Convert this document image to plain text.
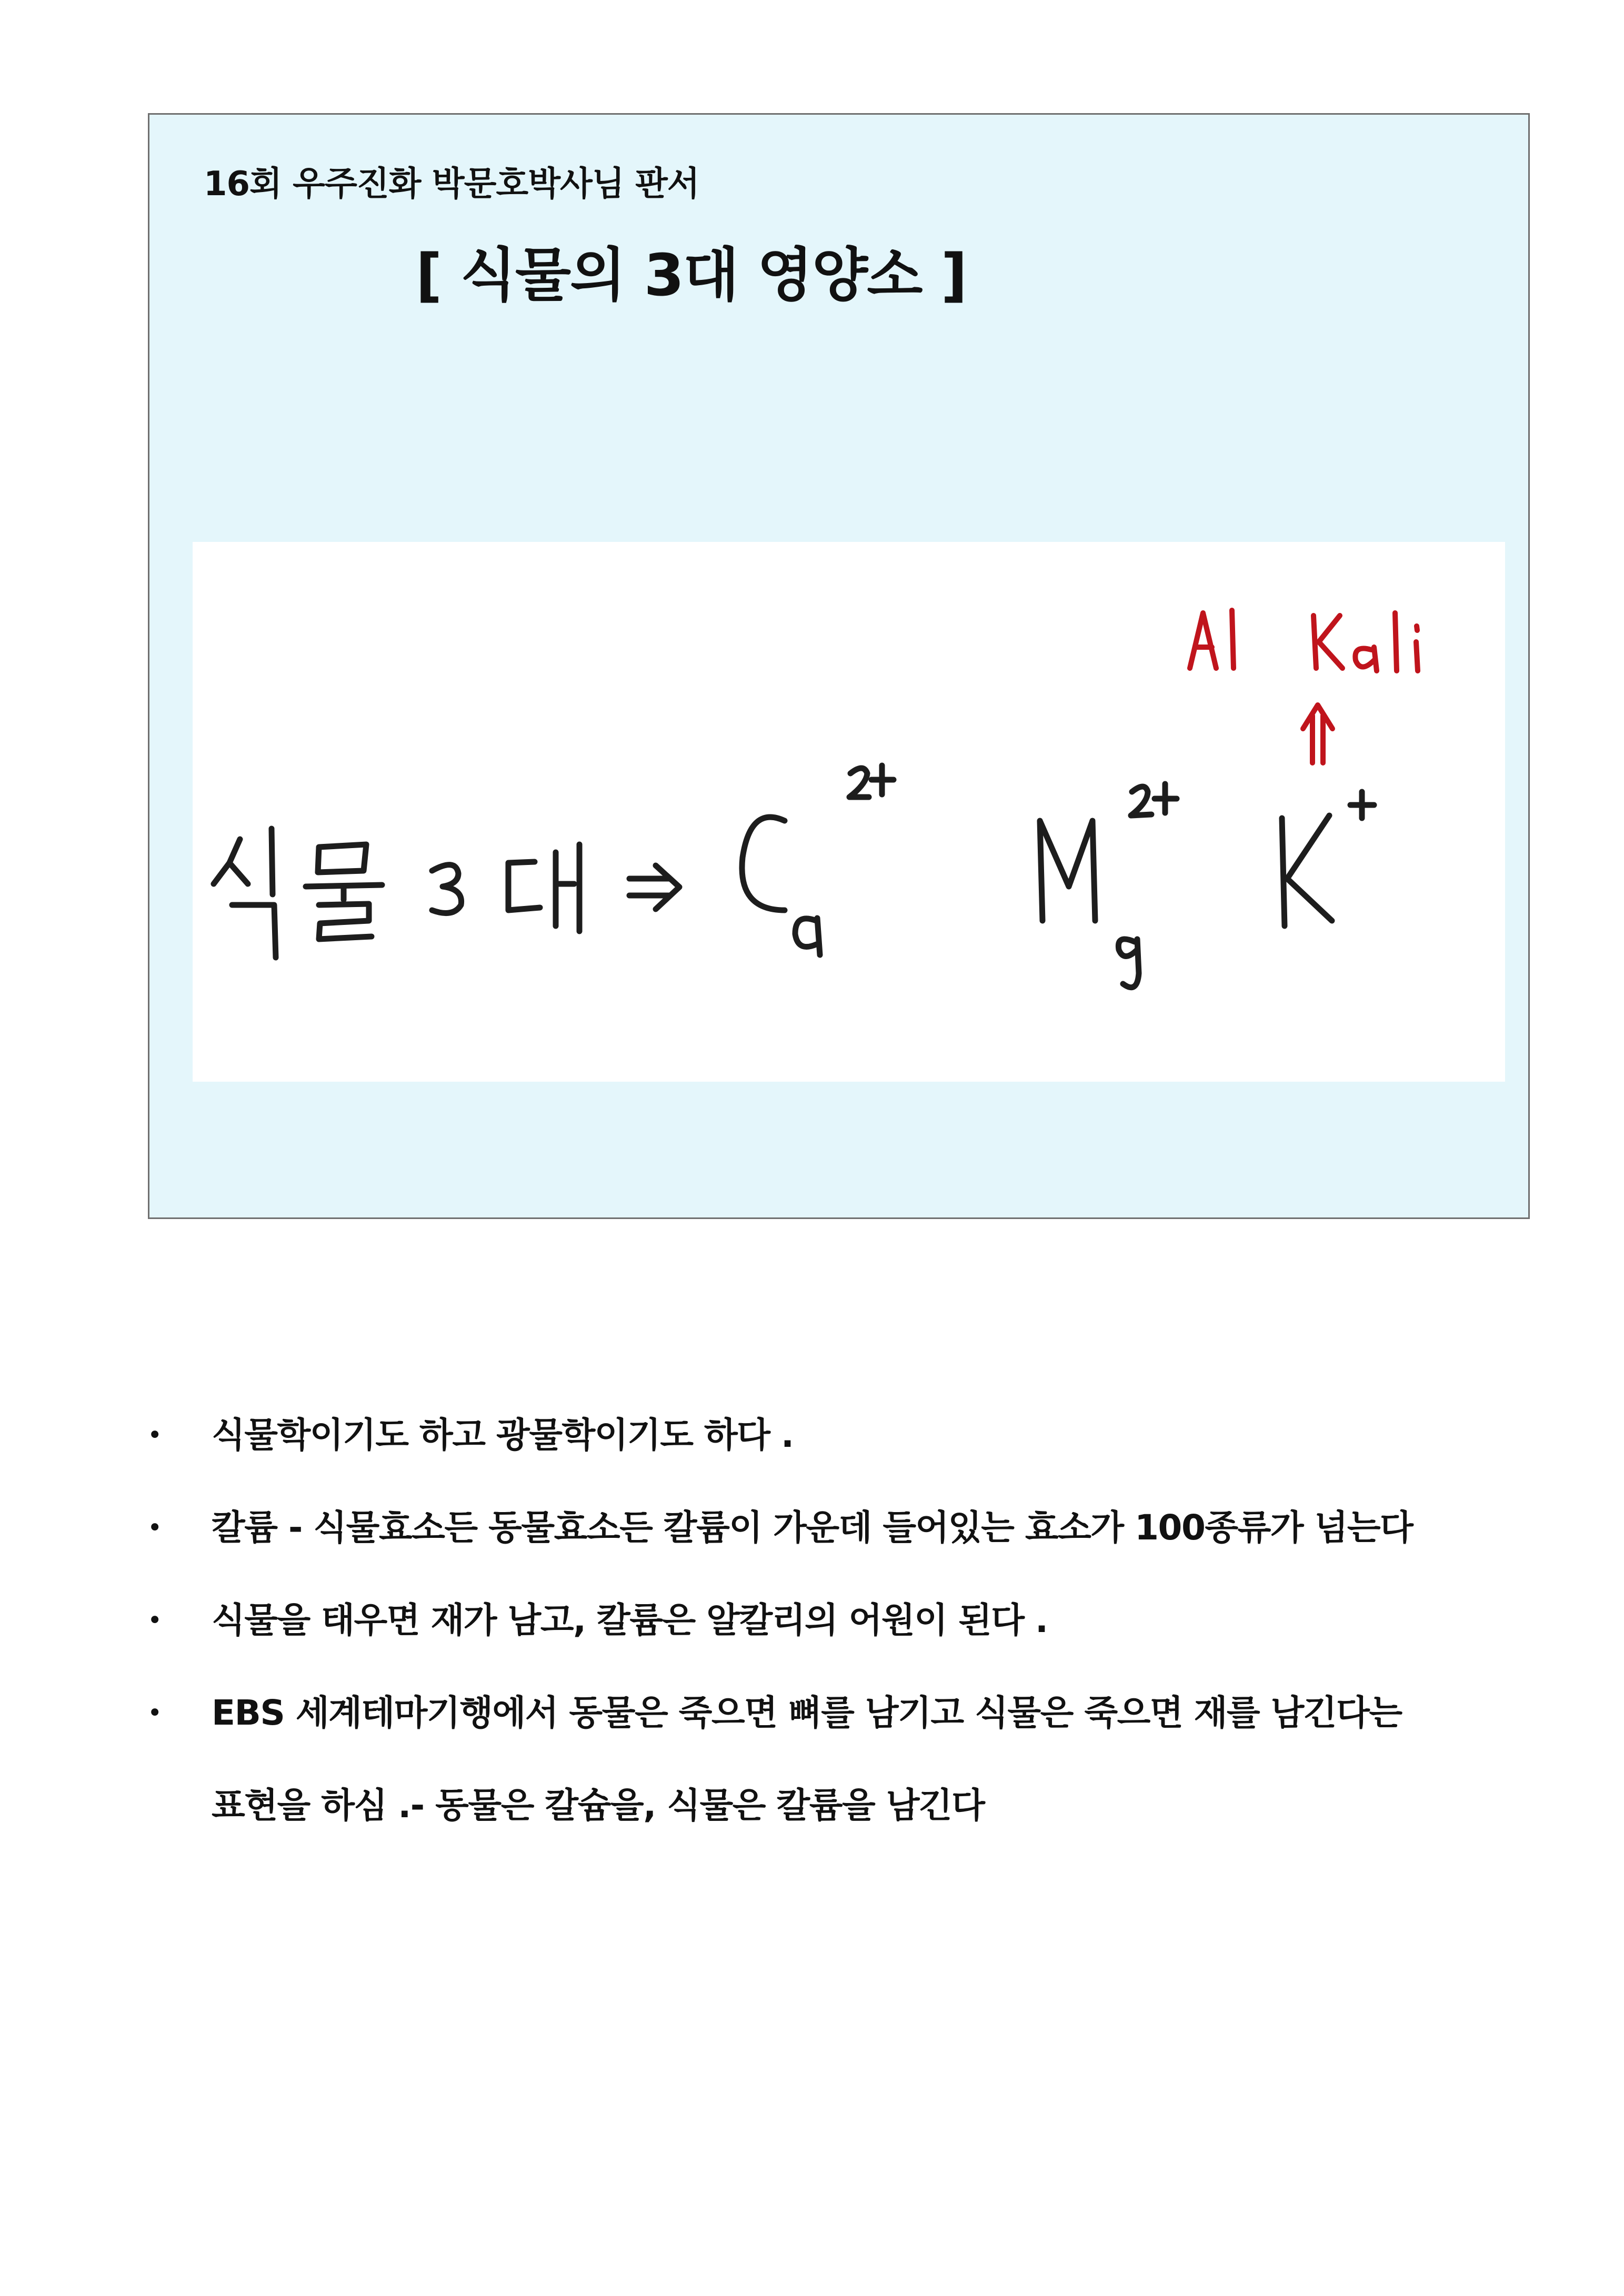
16회 우주진화 박문호박사님 판서
[ 식물의 3대 영양소 ]
• 식물학이기도 하고 광물학이기도 하다 .
• 칼륨 - 식물효소든 동물효소든 칼륨이 가운데 들어있는 효소가 100종류가 넘는다
• 식물을 태우면 재가 남고, 칼륨은 알칼리의 어원이 된다 .
• EBS 세계테마기행에서 동물은 죽으면 뼈를 남기고 식물은 죽으면 재를 남긴다는
표현을 하심 .- 동물은 칼슘을, 식물은 칼륨을 남긴다
